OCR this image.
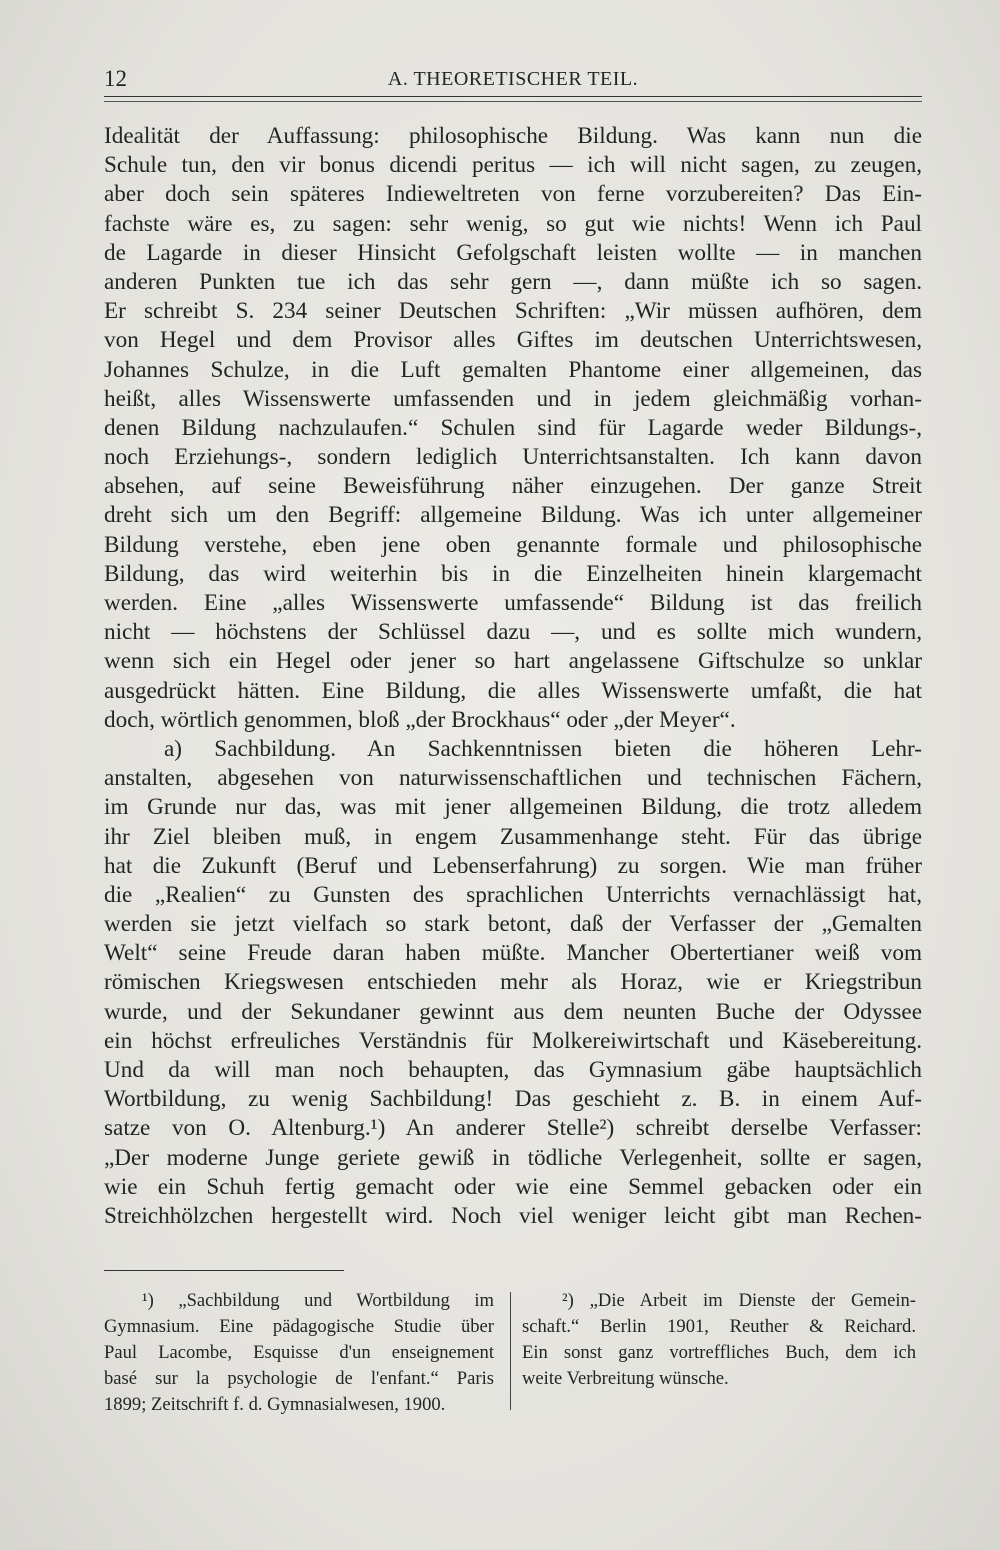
12	A. THEORETISCHER TEIL.
Idealität der Auffassung: philosophische Bildung. Was kann nun die
Schule tun, den vir bonus dicendi peritus — ich will nicht sagen, zu zeugen,
aber doch sein späteres Indieweltreten von ferne vorzubereiten? Das Ein-
fachste wäre es, zu sagen: sehr wenig, so gut wie nichts! Wenn ich Paul
de Lagarde in dieser Hinsicht Gefolgschaft leisten wollte — in manchen
anderen Punkten tue ich das sehr gern —, dann müßte ich so sagen.
Er schreibt S. 234 seiner Deutschen Schriften: „Wir müssen aufhören, dem
von Hegel und dem Provisor alles Giftes im deutschen Unterrichtswesen,
Johannes Schulze, in die Luft gemalten Phantome einer allgemeinen, das
heißt, alles Wissenswerte umfassenden und in jedem gleichmäßig vorhan-
denen Bildung nachzulaufen.“ Schulen sind für Lagarde weder Bildungs-,
noch Erziehungs-, sondern lediglich Unterrichtsanstalten. Ich kann davon
absehen, auf seine Beweisführung näher einzugehen. Der ganze Streit
dreht sich um den Begriff: allgemeine Bildung. Was ich unter allgemeiner
Bildung verstehe, eben jene oben genannte formale und philosophische
Bildung, das wird weiterhin bis in die Einzelheiten hinein klargemacht
werden. Eine „alles Wissenswerte umfassende“ Bildung ist das freilich
nicht — höchstens der Schlüssel dazu —, und es sollte mich wundern,
wenn sich ein Hegel oder jener so hart angelassene Giftschulze so unklar
ausgedrückt hätten. Eine Bildung, die alles Wissenswerte umfaßt, die hat
doch, wörtlich genommen, bloß „der Brockhaus“ oder „der Meyer“.
a) Sachbildung. An Sachkenntnissen bieten die höheren Lehr-
anstalten, abgesehen von naturwissenschaftlichen und technischen Fächern,
im Grunde nur das, was mit jener allgemeinen Bildung, die trotz alledem
ihr Ziel bleiben muß, in engem Zusammenhange steht. Für das übrige
hat die Zukunft (Beruf und Lebenserfahrung) zu sorgen. Wie man früher
die „Realien“ zu Gunsten des sprachlichen Unterrichts vernachlässigt hat,
werden sie jetzt vielfach so stark betont, daß der Verfasser der „Gemalten
Welt“ seine Freude daran haben müßte. Mancher Obertertianer weiß vom
römischen Kriegswesen entschieden mehr als Horaz, wie er Kriegstribun
wurde, und der Sekundaner gewinnt aus dem neunten Buche der Odyssee
ein höchst erfreuliches Verständnis für Molkereiwirtschaft und Käsebereitung.
Und da will man noch behaupten, das Gymnasium gäbe hauptsächlich
Wortbildung, zu wenig Sachbildung! Das geschieht z. B. in einem Auf-
satze von O. Altenburg.¹) An anderer Stelle²) schreibt derselbe Verfasser:
„Der moderne Junge geriete gewiß in tödliche Verlegenheit, sollte er sagen,
wie ein Schuh fertig gemacht oder wie eine Semmel gebacken oder ein
Streichhölzchen hergestellt wird. Noch viel weniger leicht gibt man Rechen-
¹) „Sachbildung und Wortbildung im
Gymnasium. Eine pädagogische Studie über
Paul Lacombe, Esquisse d'un enseignement
basé sur la psychologie de l'enfant.“ Paris
1899; Zeitschrift f. d. Gymnasialwesen, 1900.
²) „Die Arbeit im Dienste der Gemein-
schaft.“ Berlin 1901, Reuther & Reichard.
Ein sonst ganz vortreffliches Buch, dem ich
weite Verbreitung wünsche.
